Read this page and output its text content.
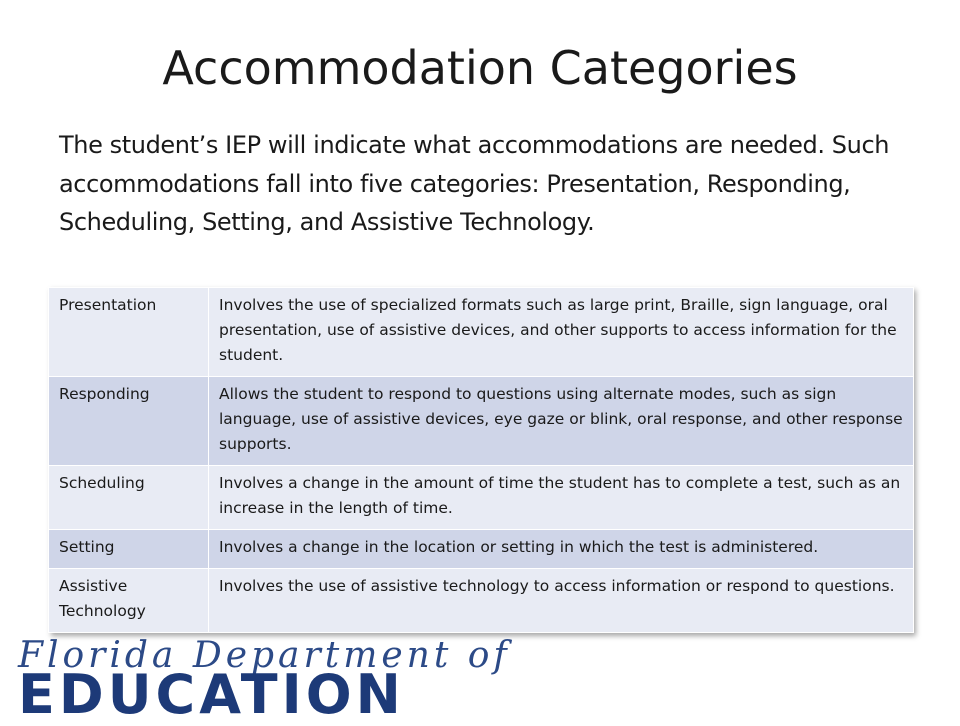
Accommodation Categories

The student’s IEP will indicate what accommodations are needed. Such accommodations fall into five categories: Presentation, Responding, Scheduling, Setting, and Assistive Technology.

Presentation	Involves the use of specialized formats such as large print, Braille, sign language, oral presentation, use of assistive devices, and other supports to access information for the student.
Responding	Allows the student to respond to questions using alternate modes, such as sign language, use of assistive devices, eye gaze or blink, oral response, and other response supports.
Scheduling	Involves a change in the amount of time the student has to complete a test, such as an increase in the length of time.
Setting	Involves a change in the location or setting in which the test is administered.
Assistive Technology	Involves the use of assistive technology to access information or respond to questions.
Florida Department of
EDUCATION
